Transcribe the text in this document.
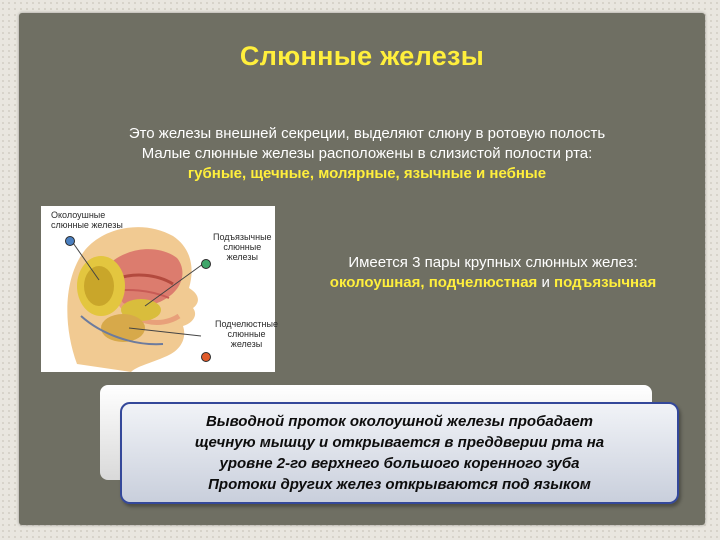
Слюнные железы
Это железы внешней секреции, выделяют слюну в ротовую полость
Малые слюнные железы расположены в слизистой полости рта:
губные, щечные, молярные, язычные и небные
Околоушные
слюнные железы
Подъязычные
слюнные
железы
Подчелюстные
слюнные
железы
Имеется 3 пары крупных слюнных желез:
околоушная, подчелюстная и подъязычная
Выводной проток околоушной железы пробадает
щечную мышцу и открывается в преддверии рта на
уровне 2-го верхнего большого коренного зуба
Протоки других желез открываются под языком
